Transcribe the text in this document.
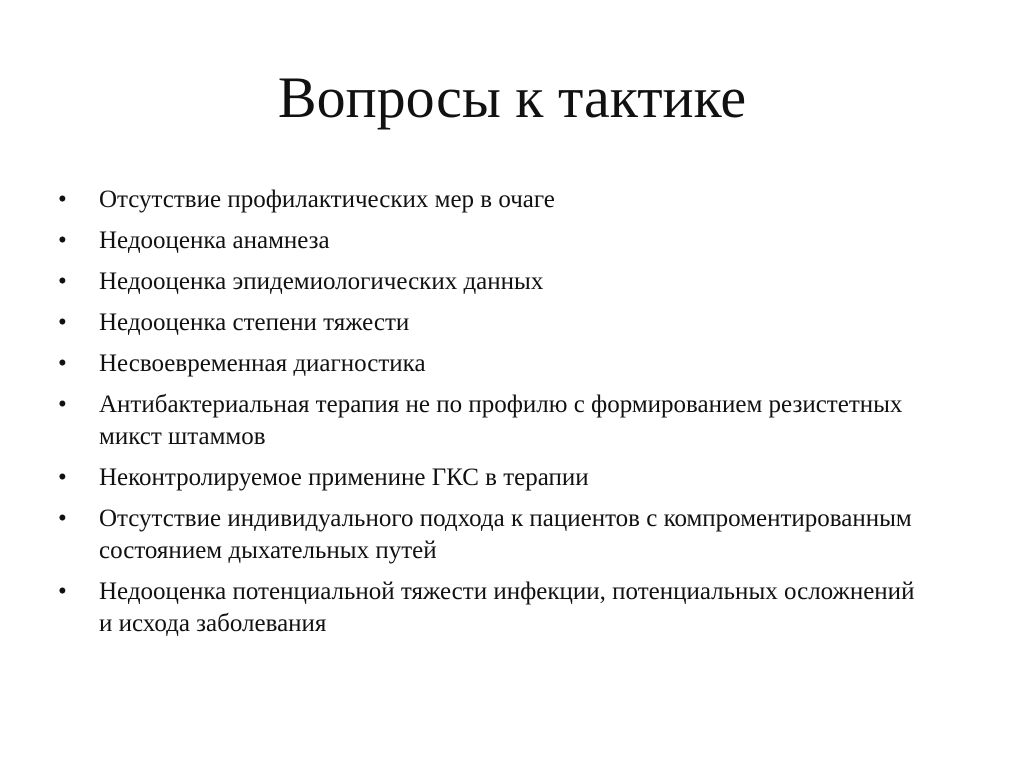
Вопросы к тактике
•	Отсутствие профилактических мер в очаге
•	Недооценка анамнеза
•	Недооценка эпидемиологических данных
•	Недооценка степени тяжести
•	Несвоевременная диагностика
•	Антибактериальная терапия не по профилю с формированием резистетных микст штаммов
•	Неконтролируемое применине ГКС в терапии
•	Отсутствие индивидуального подхода к пациентов с компроментированным состоянием дыхательных путей
•	Недооценка потенциальной тяжести инфекции, потенциальных осложнений и исхода заболевания
